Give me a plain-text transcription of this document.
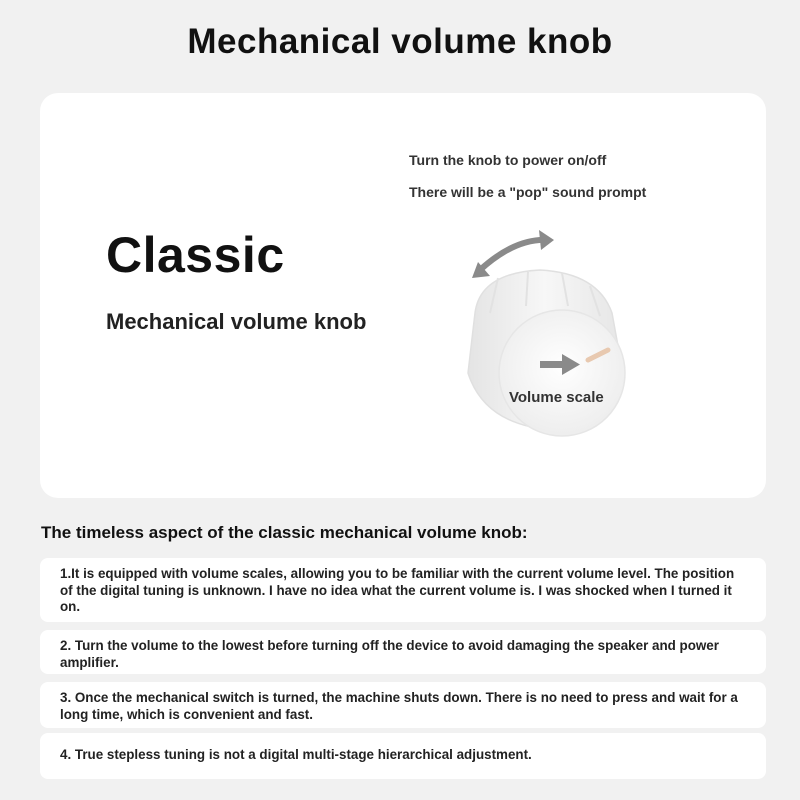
Mechanical volume knob
Turn the knob to power on/off
There will be a "pop" sound prompt
Classic
Mechanical volume knob
Volume scale
The timeless aspect of the classic mechanical volume knob:
1.It is equipped with volume scales, allowing you to be familiar with the current volume level. The position of the digital tuning is unknown. I have no idea what the current volume is. I was shocked when I turned it on.
2. Turn the volume to the lowest before turning off the device to avoid damaging the speaker and power amplifier.
3. Once the mechanical switch is turned, the machine shuts down. There is no need to press and wait for a long time, which is convenient and fast.
4. True stepless tuning is not a digital multi-stage hierarchical adjustment.
